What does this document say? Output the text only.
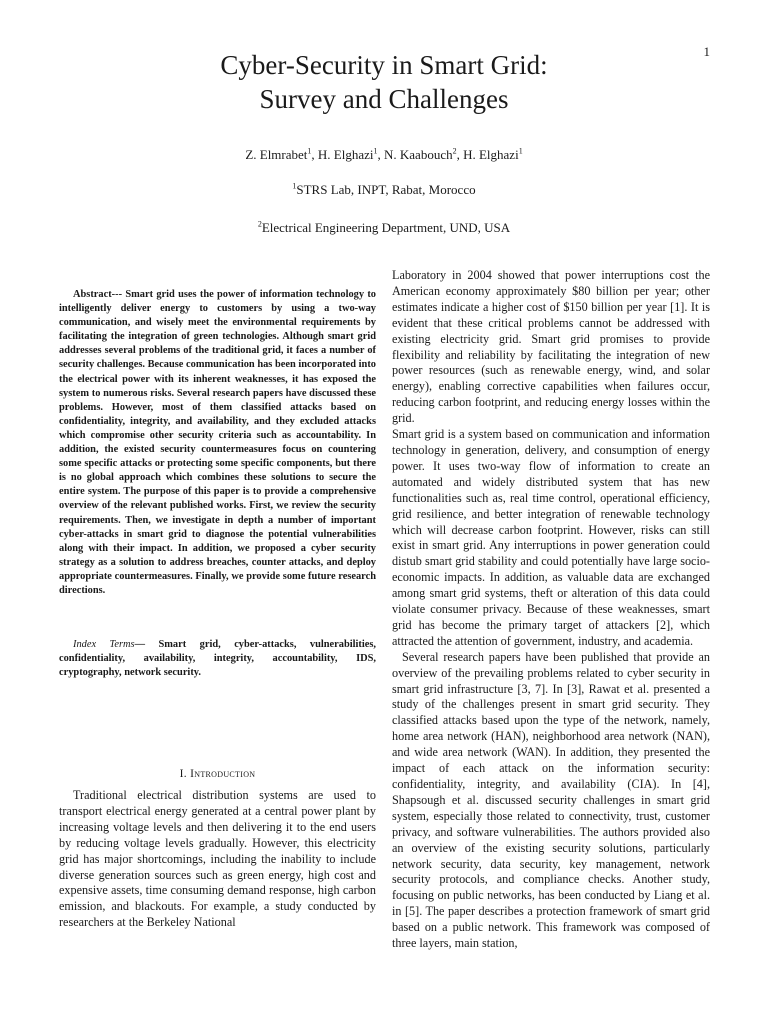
1
Cyber-Security in Smart Grid:
Survey and Challenges
Z. Elmrabet$^1$, H. Elghazi$^1$, N. Kaabouch$^2$, H. Elghazi$^1$
$^1$STRS Lab, INPT, Rabat, Morocco
$^2$Electrical Engineering Department, UND, USA

Abstract--- Smart grid uses the power of information technology to intelligently deliver energy to customers by using a two-way communication, and wisely meet the environmental requirements by facilitating the integration of green technologies. Although smart grid addresses several problems of the traditional grid, it faces a number of security challenges. Because communication has been incorporated into the electrical power with its inherent weaknesses, it has exposed the system to numerous risks. Several research papers have discussed these problems. However, most of them classified attacks based on confidentiality, integrity, and availability, and they excluded attacks which compromise other security criteria such as accountability. In addition, the existed security countermeasures focus on countering some specific attacks or protecting some specific components, but there is no global approach which combines these solutions to secure the entire system. The purpose of this paper is to provide a comprehensive overview of the relevant published works. First, we review the security requirements. Then, we investigate in depth a number of important cyber-attacks in smart grid to diagnose the potential vulnerabilities along with their impact. In addition, we proposed a cyber security strategy as a solution to address breaches, counter attacks, and deploy appropriate countermeasures. Finally, we provide some future research directions.

Index Terms— Smart grid, cyber-attacks, vulnerabilities, confidentiality, availability, integrity, accountability, IDS, cryptography, network security.

I. Introduction

Traditional electrical distribution systems are used to transport electrical energy generated at a central power plant by increasing voltage levels and then delivering it to the end users by reducing voltage levels gradually. However, this electricity grid has major shortcomings, including the inability to include diverse generation sources such as green energy, high cost and expensive assets, time consuming demand response, high carbon emission, and blackouts. For example, a study conducted by researchers at the Berkeley National

Laboratory in 2004 showed that power interruptions cost the American economy approximately $80 billion per year; other estimates indicate a higher cost of $150 billion per year [1]. It is evident that these critical problems cannot be addressed with existing electricity grid. Smart grid promises to provide flexibility and reliability by facilitating the integration of new power resources (such as renewable energy, wind, and solar energy), enabling corrective capabilities when failures occur, reducing carbon footprint, and reducing energy losses within the grid.

Smart grid is a system based on communication and information technology in generation, delivery, and consumption of energy power. It uses two-way flow of information to create an automated and widely distributed system that has new functionalities such as, real time control, operational efficiency, grid resilience, and better integration of renewable technology which will decrease carbon footprint. However, risks can still exist in smart grid. Any interruptions in power generation could distub smart grid stability and could potentially have large socio-economic impacts. In addition, as valuable data are exchanged among smart grid systems, theft or alteration of this data could violate consumer privacy. Because of these weaknesses, smart grid has become the primary target of attackers [2], which attracted the attention of government, industry, and academia.

Several research papers have been published that provide an overview of the prevailing problems related to cyber security in smart grid infrastructure [3, 7]. In [3], Rawat et al. presented a study of the challenges present in smart grid security. They classified attacks based upon the type of the network, namely, home area network (HAN), neighborhood area network (NAN), and wide area network (WAN). In addition, they presented the impact of each attack on the information security: confidentiality, integrity, and availability (CIA). In [4], Shapsough et al. discussed security challenges in smart grid system, especially those related to connectivity, trust, customer privacy, and software vulnerabilities. The authors provided also an overview of the existing security solutions, particularly network security, data security, key management, network security protocols, and compliance checks. Another study, focusing on public networks, has been conducted by Liang et al. in [5]. The paper describes a protection framework of smart grid based on a public network. This framework was composed of three layers, main station,
